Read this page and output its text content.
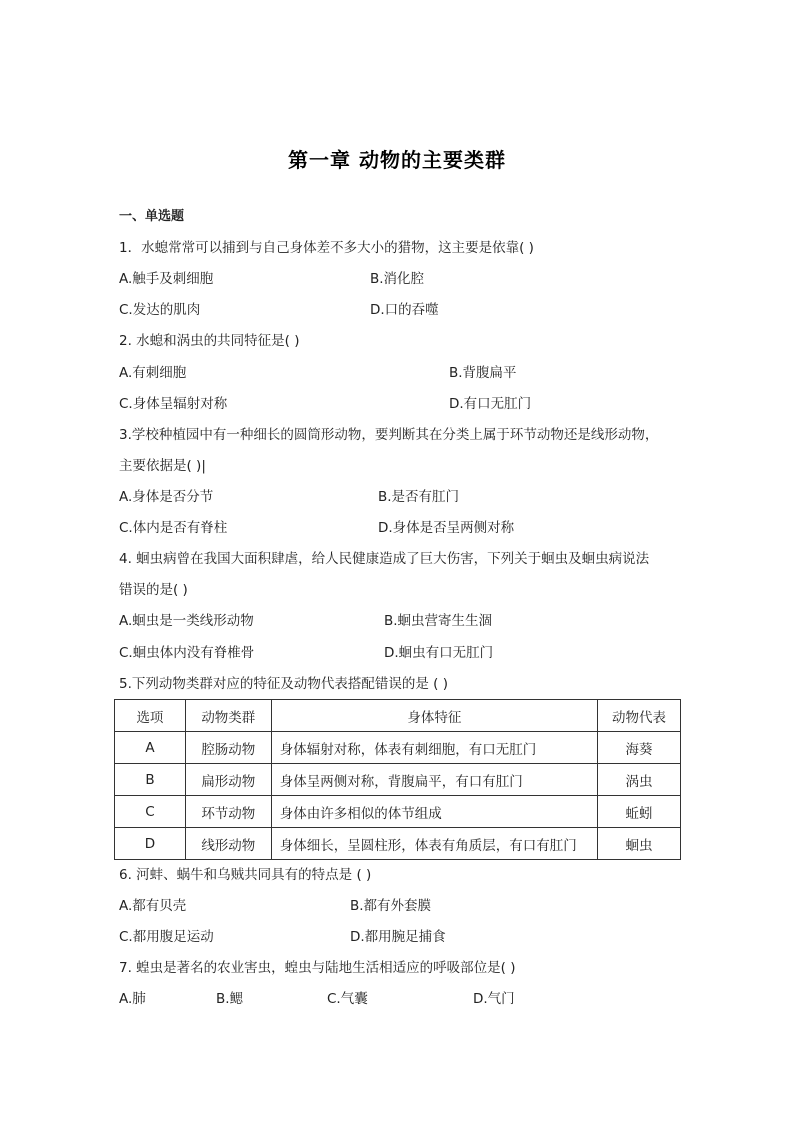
第一章 动物的主要类群
一、单选题
1．水螅常常可以捕到与自己身体差不多大小的猎物，这主要是依靠( )
A.触手及刺细胞	B.消化腔
C.发达的肌肉	D.口的吞噬
2. 水螅和涡虫的共同特征是( )
A.有刺细胞	B.背腹扁平
C.身体呈辐射对称	D.有口无肛门
3.学校种植园中有一种细长的圆筒形动物，要判断其在分类上属于环节动物还是线形动物，
主要依据是( )|
A.身体是否分节	B.是否有肛门
C.体内是否有脊柱	D.身体是否呈两侧对称
4. 蛔虫病曾在我国大面积肆虐，给人民健康造成了巨大伤害，下列关于蛔虫及蛔虫病说法
错误的是( )
A.蛔虫是一类线形动物	B.蛔虫营寄生生涸
C.蛔虫体内没有脊椎骨	D.蛔虫有口无肛门
5.下列动物类群对应的特征及动物代表搭配错误的是 ( )
选项	动物类群	身体特征	动物代表
A	腔肠动物	身体辐射对称，体表有刺细胞，有口无肛门	海葵
B	扁形动物	身体呈两侧对称，背腹扁平，有口有肛门	涡虫
C	环节动物	身体由许多相似的体节组成	蚯蚓
D	线形动物	身体细长，呈圆柱形，体表有角质层，有口有肛门	蛔虫
6. 河蚌、蜗牛和乌贼共同具有的特点是 ( )
A.都有贝壳	B.都有外套膜
C.都用腹足运动	D.都用腕足捕食
7. 蝗虫是著名的农业害虫，蝗虫与陆地生活相适应的呼吸部位是( )
A.肺	B.鳃	C.气囊	D.气门
